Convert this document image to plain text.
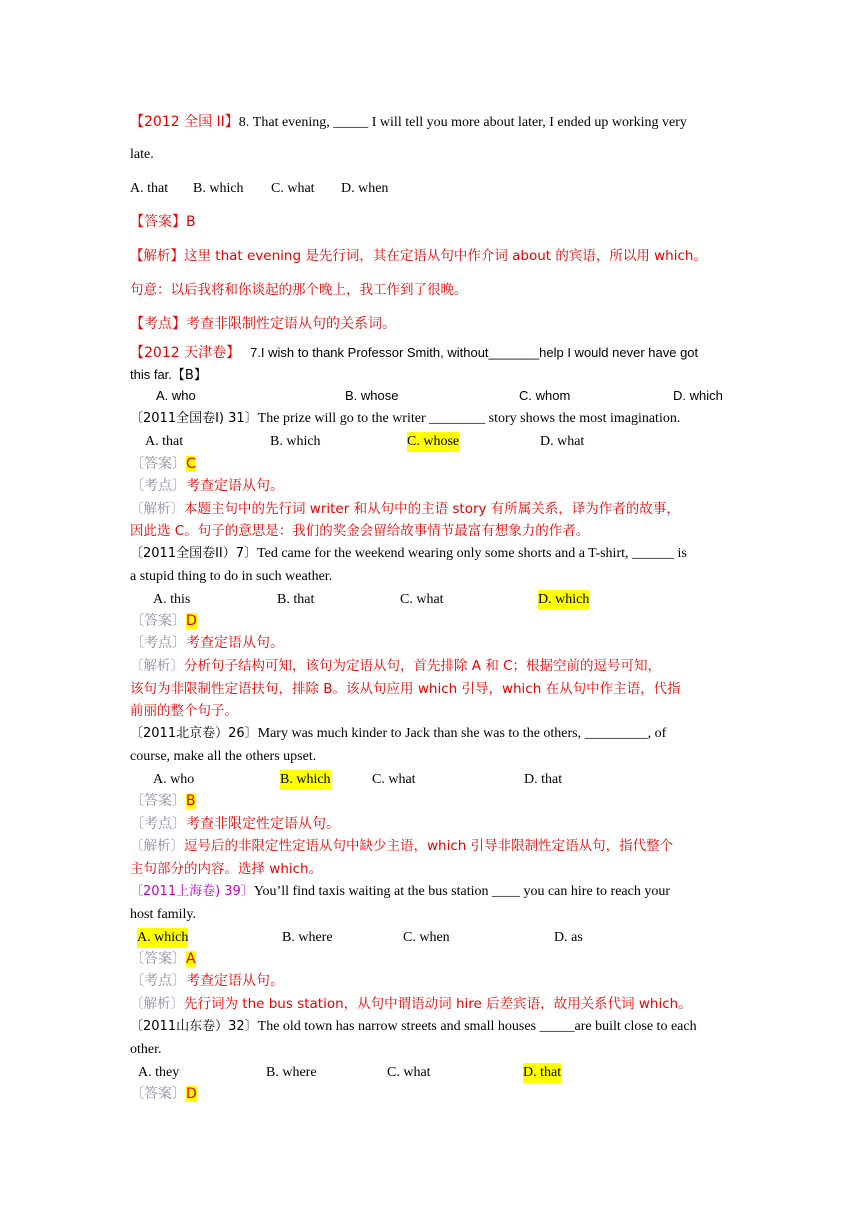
【2012 全国 II】8. That evening, _____ I will tell you more about later, I ended up working very
late.
A. that B. which C. what D. when
【答案】B
【解析】这里 that evening 是先行词，其在定语从句中作介词 about 的宾语，所以用 which。
句意：以后我将和你谈起的那个晚上，我工作到了很晚。
【考点】考查非限制性定语从句的关系词。
【2012 天津卷】 7.I wish to thank Professor Smith, without_______help I would never have got
this far.【B】
A. who	B. whose	C. whom	D. which
〔2011全国卷I) 31〕The prize will go to the writer ________ story shows the most imagination.
A. that	B. which	C. whose	D. what
〔答案〕C
〔考点〕考查定语从句。
〔解析〕本题主句中的先行词 writer 和从句中的主语 story 有所属关系，译为作者的故事，
因此选 C。句子的意思是：我们的奖金会留给故事情节最富有想象力的作者。
〔2011全国卷II）7〕Ted came for the weekend wearing only some shorts and a T-shirt, ______ is
a stupid thing to do in such weather.
A. this	B. that	C. what	D. which
〔答案〕D
〔考点〕考查定语从句。
〔解析〕分析句子结构可知，该句为定语从句，首先排除 A 和 C；根据空前的逗号可知，
该句为非限制性定语扶句，排除 B。该从句应用 which 引导，which 在从句中作主语，代指
前丽的整个句子。
〔2011北京卷）26〕Mary was much kinder to Jack than she was to the others, _________, of
course, make all the others upset.
A. who	B. which	C. what	D. that
〔答案〕B
〔考点〕考查非限定性定语从句。
〔解析〕逗号后的非限定性定语从句中缺少主语，which 引导非限制性定语从句，指代整个
主句部分的内容。选择 which。
〔2011上海卷) 39〕You’ll find taxis waiting at the bus station ____ you can hire to reach your
host family.
A. which	B. where	C. when	D. as
〔答案〕A
〔考点〕考查定语从句。
〔解析〕先行词为 the bus station，从句中谓语动词 hire 后差宾语，故用关系代词 which。
〔2011山东卷）32〕The old town has narrow streets and small houses _____are built close to each
other.
A. they	B. where	C. what	D. that
〔答案〕D
